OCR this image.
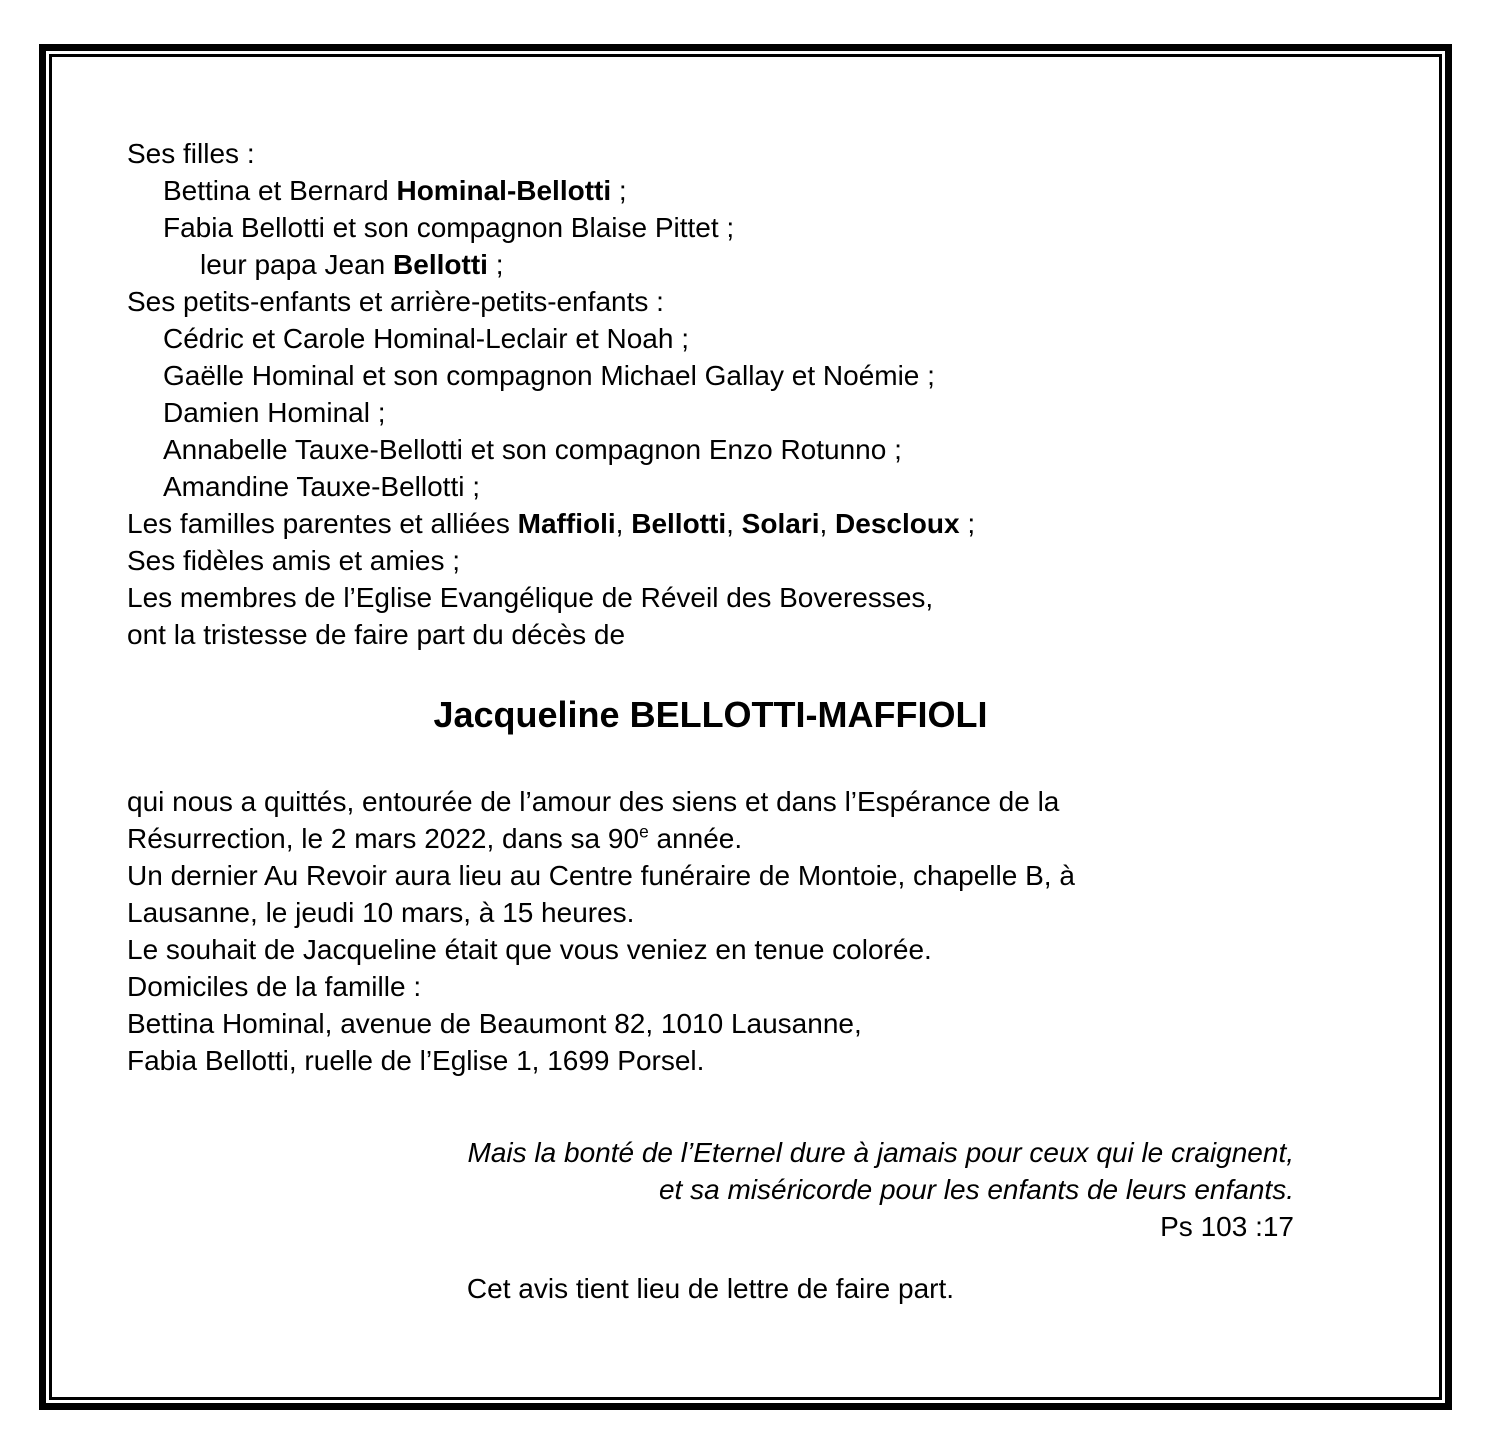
Ses filles :
Bettina et Bernard Hominal-Bellotti ;
Fabia Bellotti et son compagnon Blaise Pittet ;
leur papa Jean Bellotti ;
Ses petits-enfants et arrière-petits-enfants :
Cédric et Carole Hominal-Leclair et Noah ;
Gaëlle Hominal et son compagnon Michael Gallay et Noémie ;
Damien Hominal ;
Annabelle Tauxe-Bellotti et son compagnon Enzo Rotunno ;
Amandine Tauxe-Bellotti ;
Les familles parentes et alliées Maffioli, Bellotti, Solari, Descloux ;
Ses fidèles amis et amies ;
Les membres de l’Eglise Evangélique de Réveil des Boveresses,
ont la tristesse de faire part du décès de
Jacqueline BELLOTTI-MAFFIOLI
qui nous a quittés, entourée de l’amour des siens et dans l’Espérance de la
Résurrection, le 2 mars 2022, dans sa 90e année.
Un dernier Au Revoir aura lieu au Centre funéraire de Montoie, chapelle B, à
Lausanne, le jeudi 10 mars, à 15 heures.
Le souhait de Jacqueline était que vous veniez en tenue colorée.
Domiciles de la famille :
Bettina Hominal, avenue de Beaumont 82, 1010 Lausanne,
Fabia Bellotti, ruelle de l’Eglise 1, 1699 Porsel.
Mais la bonté de l’Eternel dure à jamais pour ceux qui le craignent,
et sa miséricorde pour les enfants de leurs enfants.
Ps 103 :17
Cet avis tient lieu de lettre de faire part.
